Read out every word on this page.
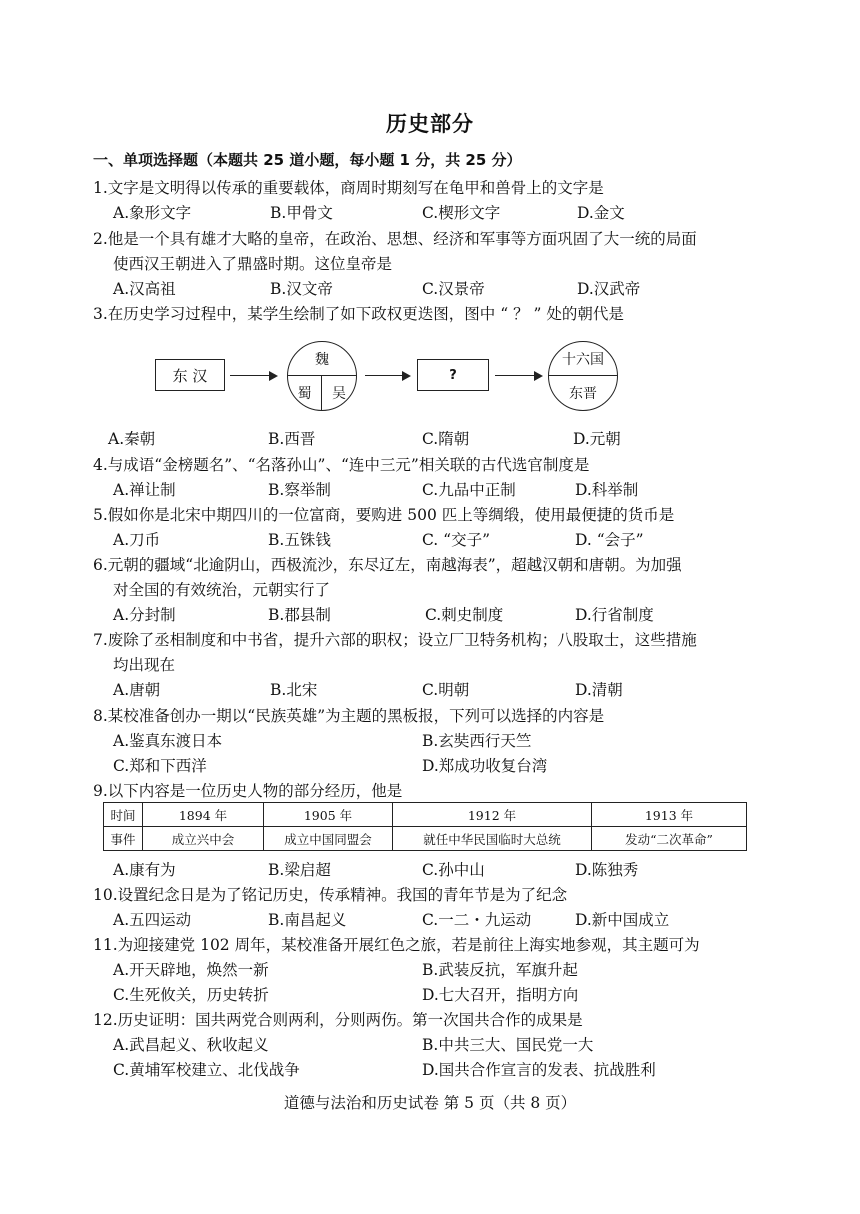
历史部分
一、单项选择题（本题共 25 道小题，每小题 1 分，共 25 分）
1.文字是文明得以传承的重要载体，商周时期刻写在龟甲和兽骨上的文字是
A.象形文字	B.甲骨文	C.楔形文字	D.金文
2.他是一个具有雄才大略的皇帝，在政治、思想、经济和军事等方面巩固了大一统的局面
使西汉王朝进入了鼎盛时期。这位皇帝是
A.汉高祖	B.汉文帝	C.汉景帝	D.汉武帝
3.在历史学习过程中，某学生绘制了如下政权更迭图，图中 “ ？ ” 处的朝代是
东 汉
魏
蜀	吴
?
十六国
东晋
A.秦朝	B.西晋	C.隋朝	D.元朝
4.与成语“金榜题名”、“名落孙山”、“连中三元”相关联的古代选官制度是
A.禅让制	B.察举制	C.九品中正制	D.科举制
5.假如你是北宋中期四川的一位富商，要购进 500 匹上等绸缎，使用最便捷的货币是
A.刀币	B.五铢钱	C. “交子”	D. “会子”
6.元朝的疆域“北逾阴山，西极流沙，东尽辽左，南越海表”，超越汉朝和唐朝。为加强
对全国的有效统治，元朝实行了
A.分封制	B.郡县制	C.刺史制度	D.行省制度
7.废除了丞相制度和中书省，提升六部的职权；设立厂卫特务机构；八股取士，这些措施
均出现在
A.唐朝	B.北宋	C.明朝	D.清朝
8.某校准备创办一期以“民族英雄”为主题的黑板报，下列可以选择的内容是
A.鉴真东渡日本	B.玄奘西行天竺
C.郑和下西洋	D.郑成功收复台湾
9.以下内容是一位历史人物的部分经历，他是
时间	1894 年	1905 年	1912 年	1913 年
事件	成立兴中会	成立中国同盟会	就任中华民国临时大总统	发动“二次革命”
A.康有为	B.梁启超	C.孙中山	D.陈独秀
10.设置纪念日是为了铭记历史，传承精神。我国的青年节是为了纪念
A.五四运动	B.南昌起义	C.一二・九运动	D.新中国成立
11.为迎接建党 102 周年，某校准备开展红色之旅，若是前往上海实地参观，其主题可为
A.开天辟地，焕然一新	B.武装反抗，军旗升起
C.生死攸关，历史转折	D.七大召开，指明方向
12.历史证明：国共两党合则两利，分则两伤。第一次国共合作的成果是
A.武昌起义、秋收起义	B.中共三大、国民党一大
C.黄埔军校建立、北伐战争	D.国共合作宣言的发表、抗战胜利
道德与法治和历史试卷 第 5 页（共 8 页）
